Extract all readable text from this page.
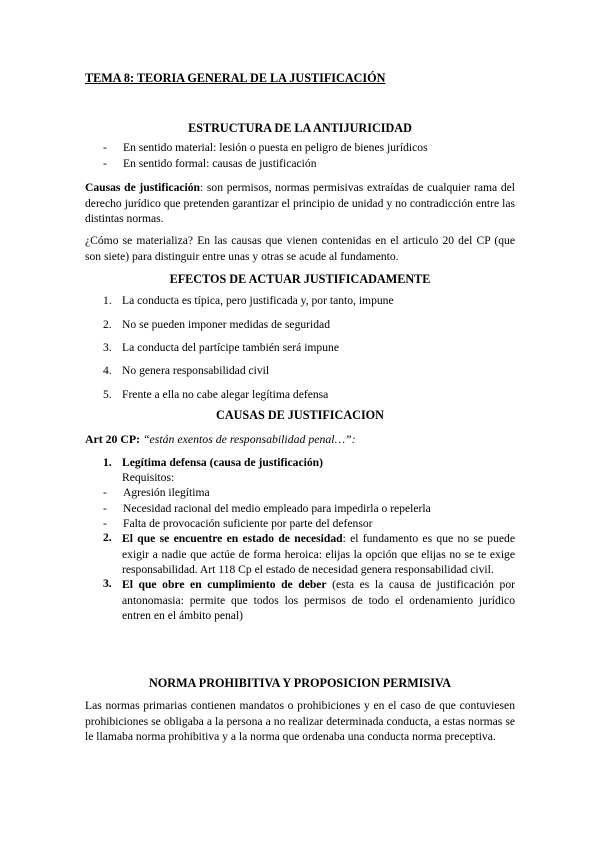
TEMA 8: TEORIA GENERAL DE LA JUSTIFICACIÓN
ESTRUCTURA DE LA ANTIJURICIDAD
- En sentido material: lesión o puesta en peligro de bienes jurídicos
- En sentido formal: causas de justificación

Causas de justificación: son permisos, normas permisivas extraídas de cualquier rama del derecho jurídico que pretenden garantizar el principio de unidad y no contradicción entre las distintas normas.

¿Cómo se materializa? En las causas que vienen contenidas en el articulo 20 del CP (que son siete) para distinguir entre unas y otras se acude al fundamento.

EFECTOS DE ACTUAR JUSTIFICADAMENTE
1. La conducta es típica, pero justificada y, por tanto, impune
2. No se pueden imponer medidas de seguridad
3. La conducta del partícipe también será impune
4. No genera responsabilidad civil
5. Frente a ella no cabe alegar legítima defensa
CAUSAS DE JUSTIFICACION
Art 20 CP: “están exentos de responsabilidad penal…”:
1. Legítima defensa (causa de justificación)
Requisitos:
- Agresión ilegítima
- Necesidad racional del medio empleado para impedirla o repelerla
- Falta de provocación suficiente por parte del defensor
2. El que se encuentre en estado de necesidad: el fundamento es que no se puede exigir a nadie que actúe de forma heroica: elijas la opción que elijas no se te exige responsabilidad. Art 118 Cp el estado de necesidad genera responsabilidad civil.

3. El que obre en cumplimiento de deber (esta es la causa de justificación por antonomasia: permite que todos los permisos de todo el ordenamiento jurídico entren en el ámbito penal)

NORMA PROHIBITIVA Y PROPOSICION PERMISIVA

Las normas primarias contienen mandatos o prohibiciones y en el caso de que contuviesen prohibiciones se obligaba a la persona a no realizar determinada conducta, a estas normas se le llamaba norma prohibitiva y a la norma que ordenaba una conducta norma preceptiva.
